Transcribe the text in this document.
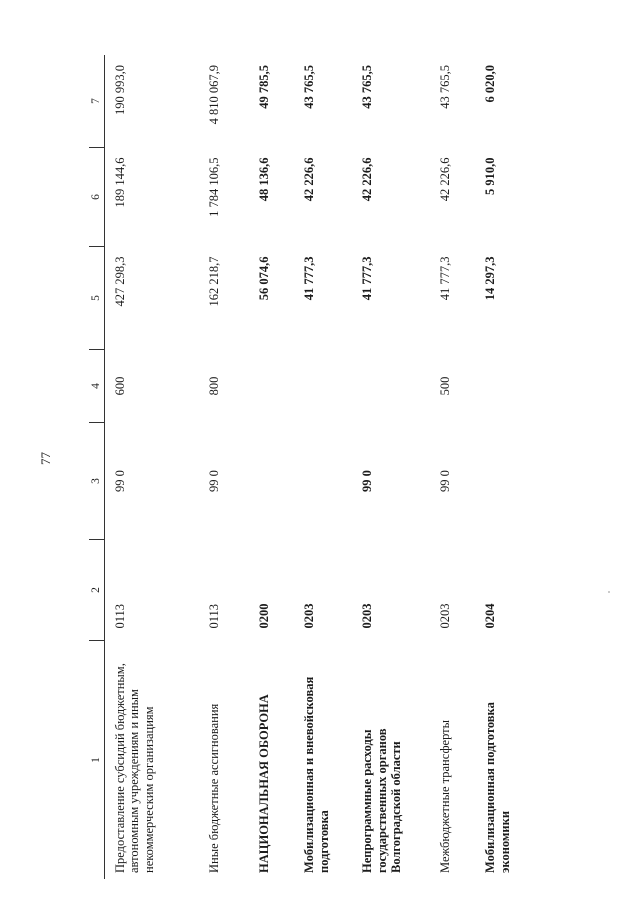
77
1	2	3	4	5	6	7
Предоставление субсидий бюджетным, автономным учреждениям и иным некоммерческим организациям	0113	99 0	600	427 298,3	189 144,6	190 993,0
Иные бюджетные ассигнования	0113	99 0	800	162 218,7	1 784 106,5	4 810 067,9
НАЦИОНАЛЬНАЯ ОБОРОНА	0200			56 074,6	48 136,6	49 785,5
Мобилизационная и вневойсковая подготовка	0203			41 777,3	42 226,6	43 765,5
Непрограммные расходы государственных органов Волгоградской области	0203	99 0		41 777,3	42 226,6	43 765,5
Межбюджетные трансферты	0203	99 0	500	41 777,3	42 226,6	43 765,5
Мобилизационная подготовка экономики	0204			14 297,3	5 910,0	6 020,0
